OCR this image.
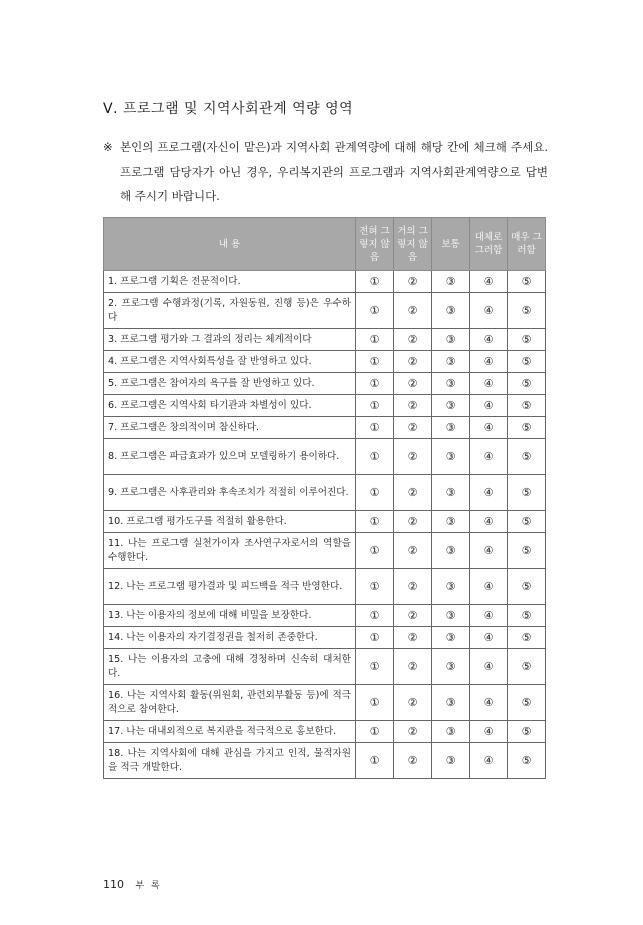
Ⅴ. 프로그램 및 지역사회관계 역량 영역
※ 본인의 프로그램(자신이 맡은)과 지역사회 관계역량에 대해 해당 칸에 체크해 주세요. 프로그램 담당자가 아닌 경우, 우리복지관의 프로그램과 지역사회관계역량으로 답변해 주시기 바랍니다.
내 용	전혀 그렇지 않음	거의 그렇지 않음	보통	대체로 그러함	매우 그러함
1. 프로그램 기획은 전문적이다.	①	②	③	④	⑤
2. 프로그램 수행과정(기록, 자원동원, 진행 등)은 우수하다	①	②	③	④	⑤
3. 프로그램 평가와 그 결과의 정리는 체계적이다	①	②	③	④	⑤
4. 프로그램은 지역사회특성을 잘 반영하고 있다.	①	②	③	④	⑤
5. 프로그램은 참여자의 욕구를 잘 반영하고 있다.	①	②	③	④	⑤
6. 프로그램은 지역사회 타기관과 차별성이 있다.	①	②	③	④	⑤
7. 프로그램은 창의적이며 참신하다.	①	②	③	④	⑤
8. 프로그램은 파급효과가 있으며 모델링하기 용이하다.	①	②	③	④	⑤
9. 프로그램은 사후관리와 후속조치가 적절히 이루어진다.	①	②	③	④	⑤
10. 프로그램 평가도구를 적절히 활용한다.	①	②	③	④	⑤
11. 나는 프로그램 실천가이자 조사연구자로서의 역할을 수행한다.	①	②	③	④	⑤
12. 나는 프로그램 평가결과 및 피드백을 적극 반영한다.	①	②	③	④	⑤
13. 나는 이용자의 정보에 대해 비밀을 보장한다.	①	②	③	④	⑤
14. 나는 이용자의 자기결정권을 철저히 존중한다.	①	②	③	④	⑤
15. 나는 이용자의 고충에 대해 경청하며 신속히 대처한다.	①	②	③	④	⑤
16. 나는 지역사회 활동(위원회, 관련외부활동 등)에 적극적으로 참여한다.	①	②	③	④	⑤
17. 나는 대내외적으로 복지관을 적극적으로 홍보한다.	①	②	③	④	⑤
18. 나는 지역사회에 대해 관심을 가지고 인적, 물적자원을 적극 개발한다.	①	②	③	④	⑤
110 부 록
